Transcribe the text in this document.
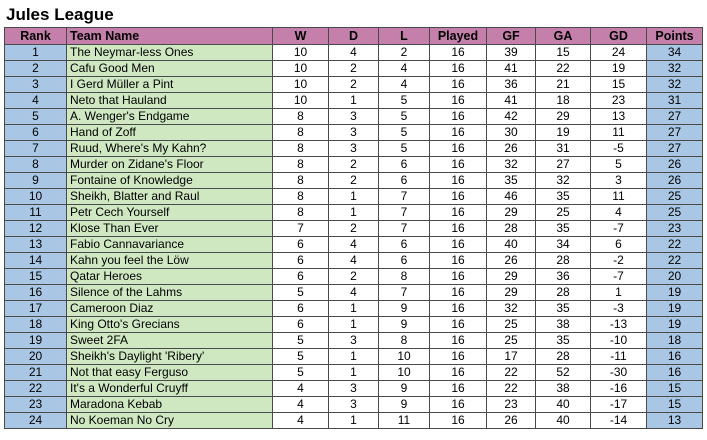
Jules League
Rank	Team Name	W	D	L	Played	GF	GA	GD	Points
1	The Neymar-less Ones	10	4	2	16	39	15	24	34
2	Cafu Good Men	10	2	4	16	41	22	19	32
3	I Gerd Müller a Pint	10	2	4	16	36	21	15	32
4	Neto that Hauland	10	1	5	16	41	18	23	31
5	A. Wenger's Endgame	8	3	5	16	42	29	13	27
6	Hand of Zoff	8	3	5	16	30	19	11	27
7	Ruud, Where's My Kahn?	8	3	5	16	26	31	-5	27
8	Murder on Zidane's Floor	8	2	6	16	32	27	5	26
9	Fontaine of Knowledge	8	2	6	16	35	32	3	26
10	Sheikh, Blatter and Raul	8	1	7	16	46	35	11	25
11	Petr Cech Yourself	8	1	7	16	29	25	4	25
12	Klose Than Ever	7	2	7	16	28	35	-7	23
13	Fabio Cannavariance	6	4	6	16	40	34	6	22
14	Kahn you feel the Löw	6	4	6	16	26	28	-2	22
15	Qatar Heroes	6	2	8	16	29	36	-7	20
16	Silence of the Lahms	5	4	7	16	29	28	1	19
17	Cameroon Diaz	6	1	9	16	32	35	-3	19
18	King Otto's Grecians	6	1	9	16	25	38	-13	19
19	Sweet 2FA	5	3	8	16	25	35	-10	18
20	Sheikh's Daylight 'Ribery'	5	1	10	16	17	28	-11	16
21	Not that easy Ferguso	5	1	10	16	22	52	-30	16
22	It's a Wonderful Cruyff	4	3	9	16	22	38	-16	15
23	Maradona Kebab	4	3	9	16	23	40	-17	15
24	No Koeman No Cry	4	1	11	16	26	40	-14	13
